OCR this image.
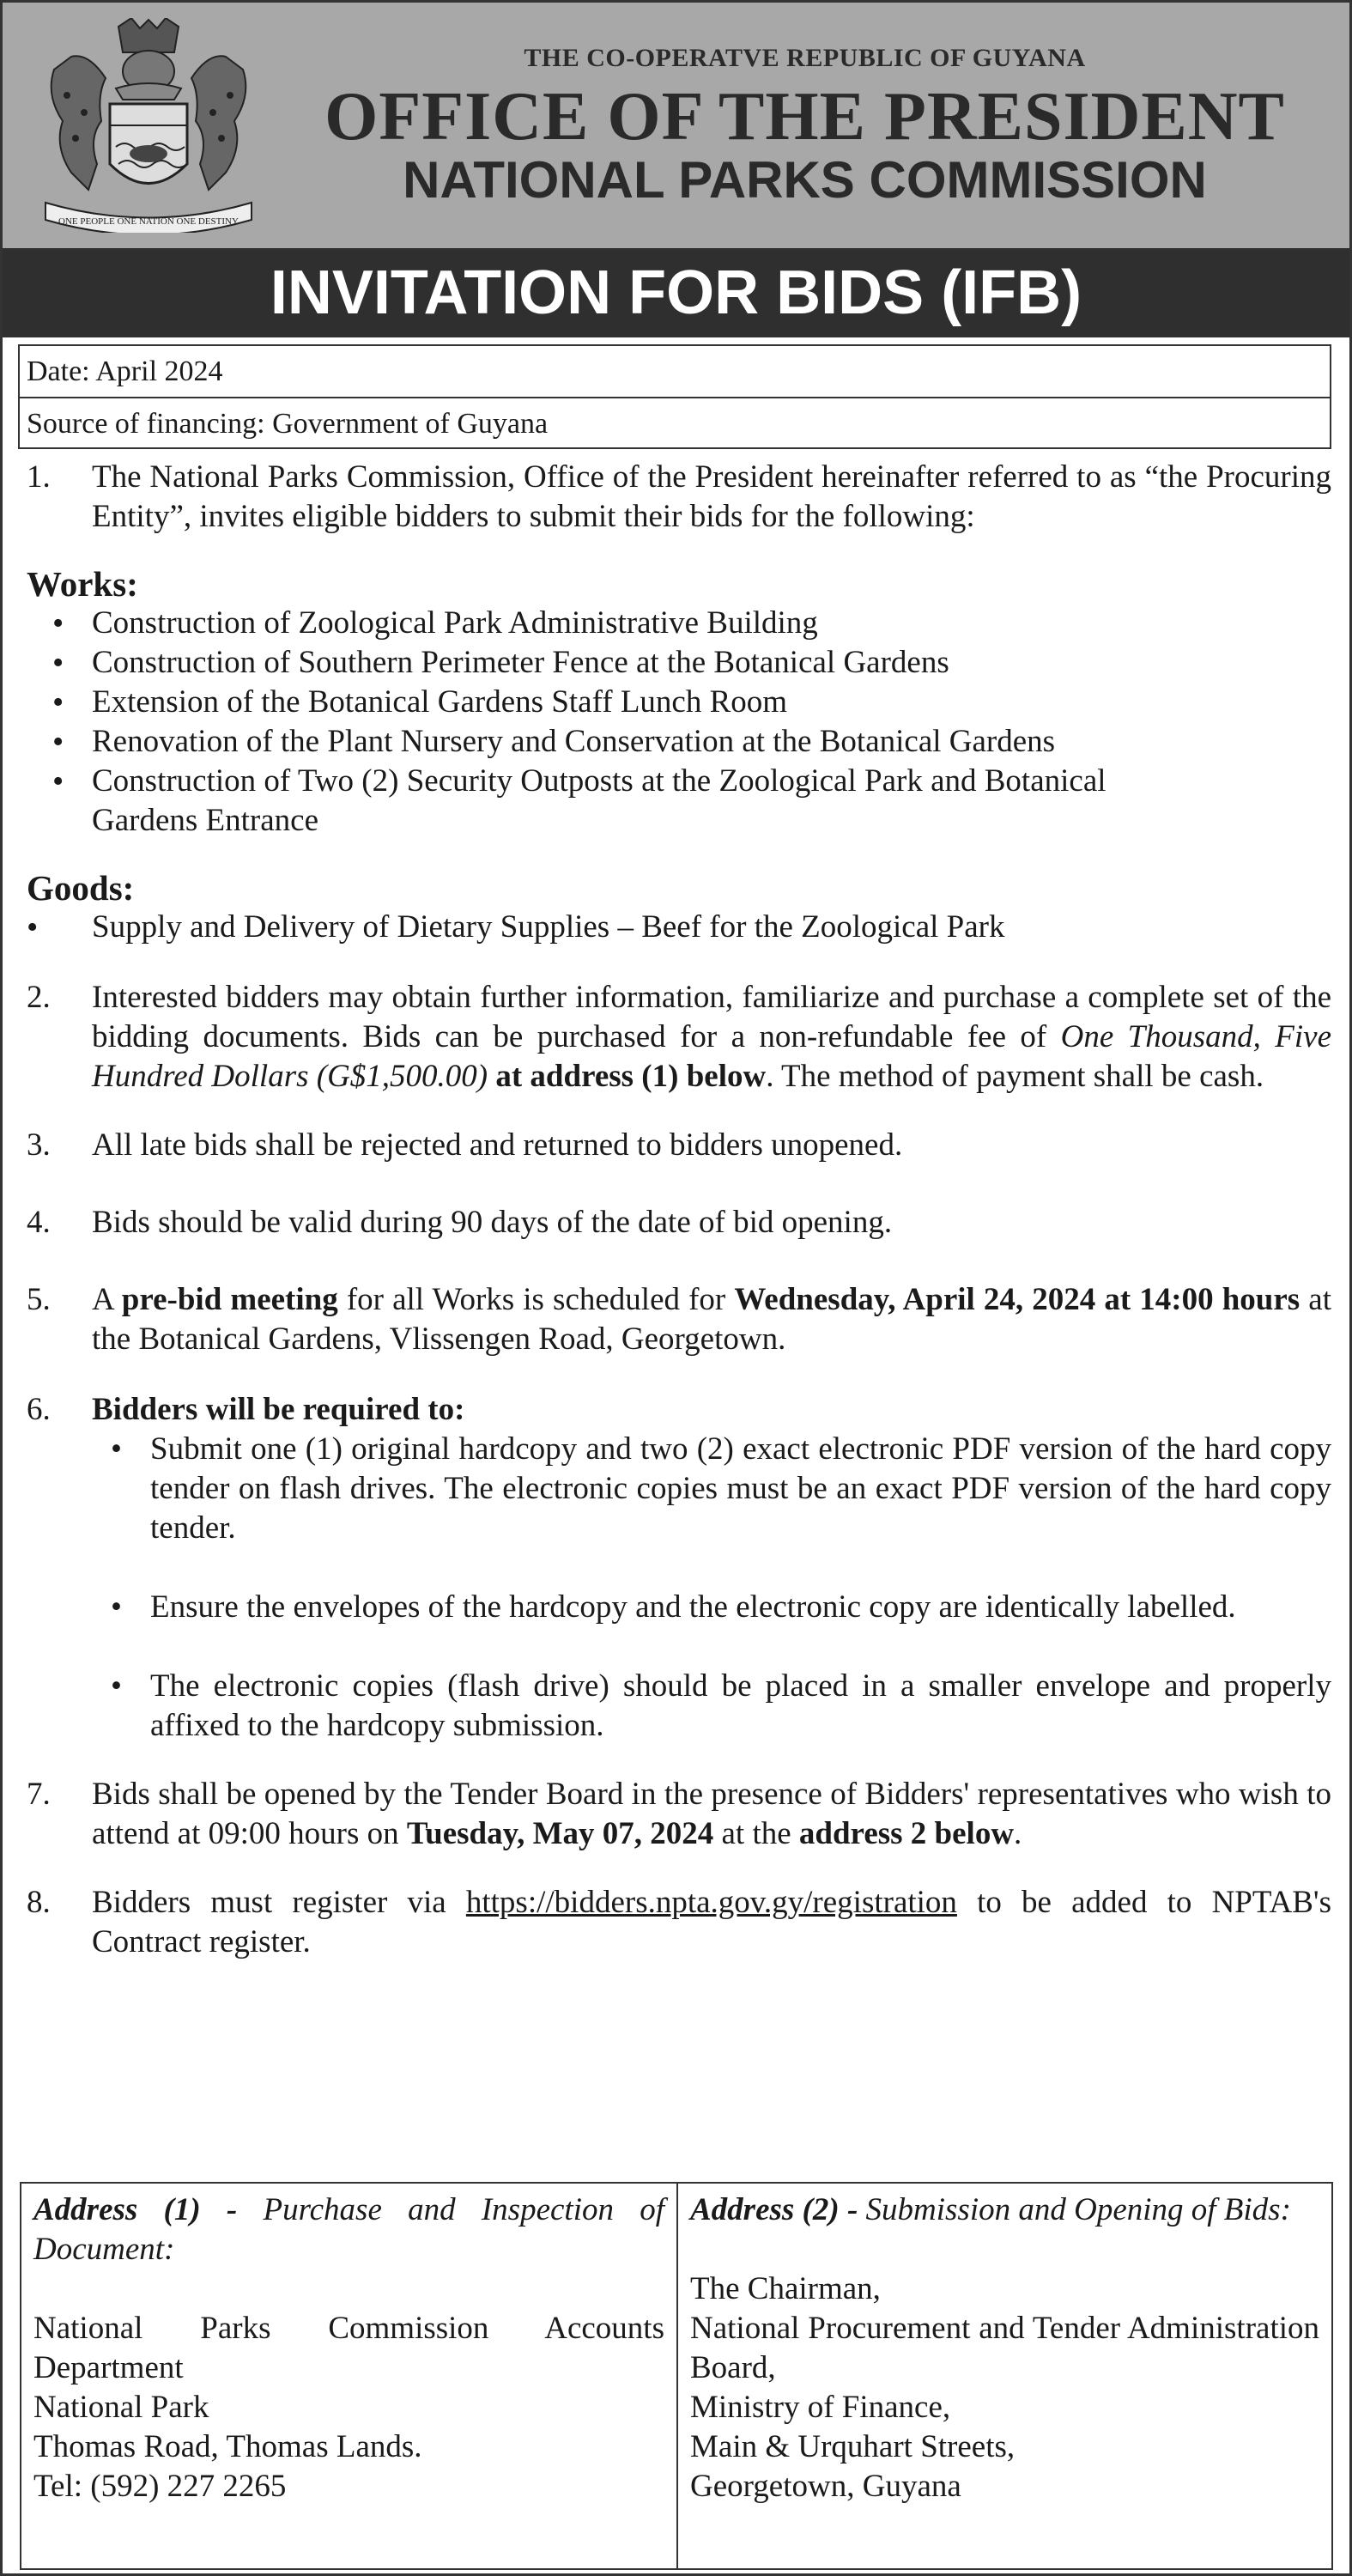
ONE PEOPLE ONE NATION ONE DESTINY
THE CO-OPERATVE REPUBLIC OF GUYANA
OFFICE OF THE PRESIDENT
NATIONAL PARKS COMMISSION
INVITATION FOR BIDS (IFB)
Date: April 2024
Source of financing: Government of Guyana
1. The National Parks Commission, Office of the President hereinafter referred to as “the Procuring Entity”, invites eligible bidders to submit their bids for the following:
Works:
• Construction of Zoological Park Administrative Building
• Construction of Southern Perimeter Fence at the Botanical Gardens
• Extension of the Botanical Gardens Staff Lunch Room
• Renovation of the Plant Nursery and Conservation at the Botanical Gardens
• Construction of Two (2) Security Outposts at the Zoological Park and Botanical Gardens Entrance
Goods:
• Supply and Delivery of Dietary Supplies – Beef for the Zoological Park
2. Interested bidders may obtain further information, familiarize and purchase a complete set of the bidding documents. Bids can be purchased for a non-refundable fee of One Thousand, Five Hundred Dollars (G$1,500.00) at address (1) below. The method of payment shall be cash.
3. All late bids shall be rejected and returned to bidders unopened.
4. Bids should be valid during 90 days of the date of bid opening.
5. A pre-bid meeting for all Works is scheduled for Wednesday, April 24, 2024 at 14:00 hours at the Botanical Gardens, Vlissengen Road, Georgetown.
6. Bidders will be required to:
• Submit one (1) original hardcopy and two (2) exact electronic PDF version of the hard copy tender on flash drives. The electronic copies must be an exact PDF version of the hard copy tender.
• Ensure the envelopes of the hardcopy and the electronic copy are identically labelled.
• The electronic copies (flash drive) should be placed in a smaller envelope and properly affixed to the hardcopy submission.
7. Bids shall be opened by the Tender Board in the presence of Bidders' representatives who wish to attend at 09:00 hours on Tuesday, May 07, 2024 at the address 2 below.
8. Bidders must register via https://bidders.npta.gov.gy/registration to be added to NPTAB's Contract register.
Address (1) - Purchase and Inspection of Document:
National Parks Commission Accounts Department
National Park
Thomas Road, Thomas Lands.
Tel: (592) 227 2265
Address (2) - Submission and Opening of Bids:
The Chairman,
National Procurement and Tender Administration Board,
Ministry of Finance,
Main & Urquhart Streets,
Georgetown, Guyana
